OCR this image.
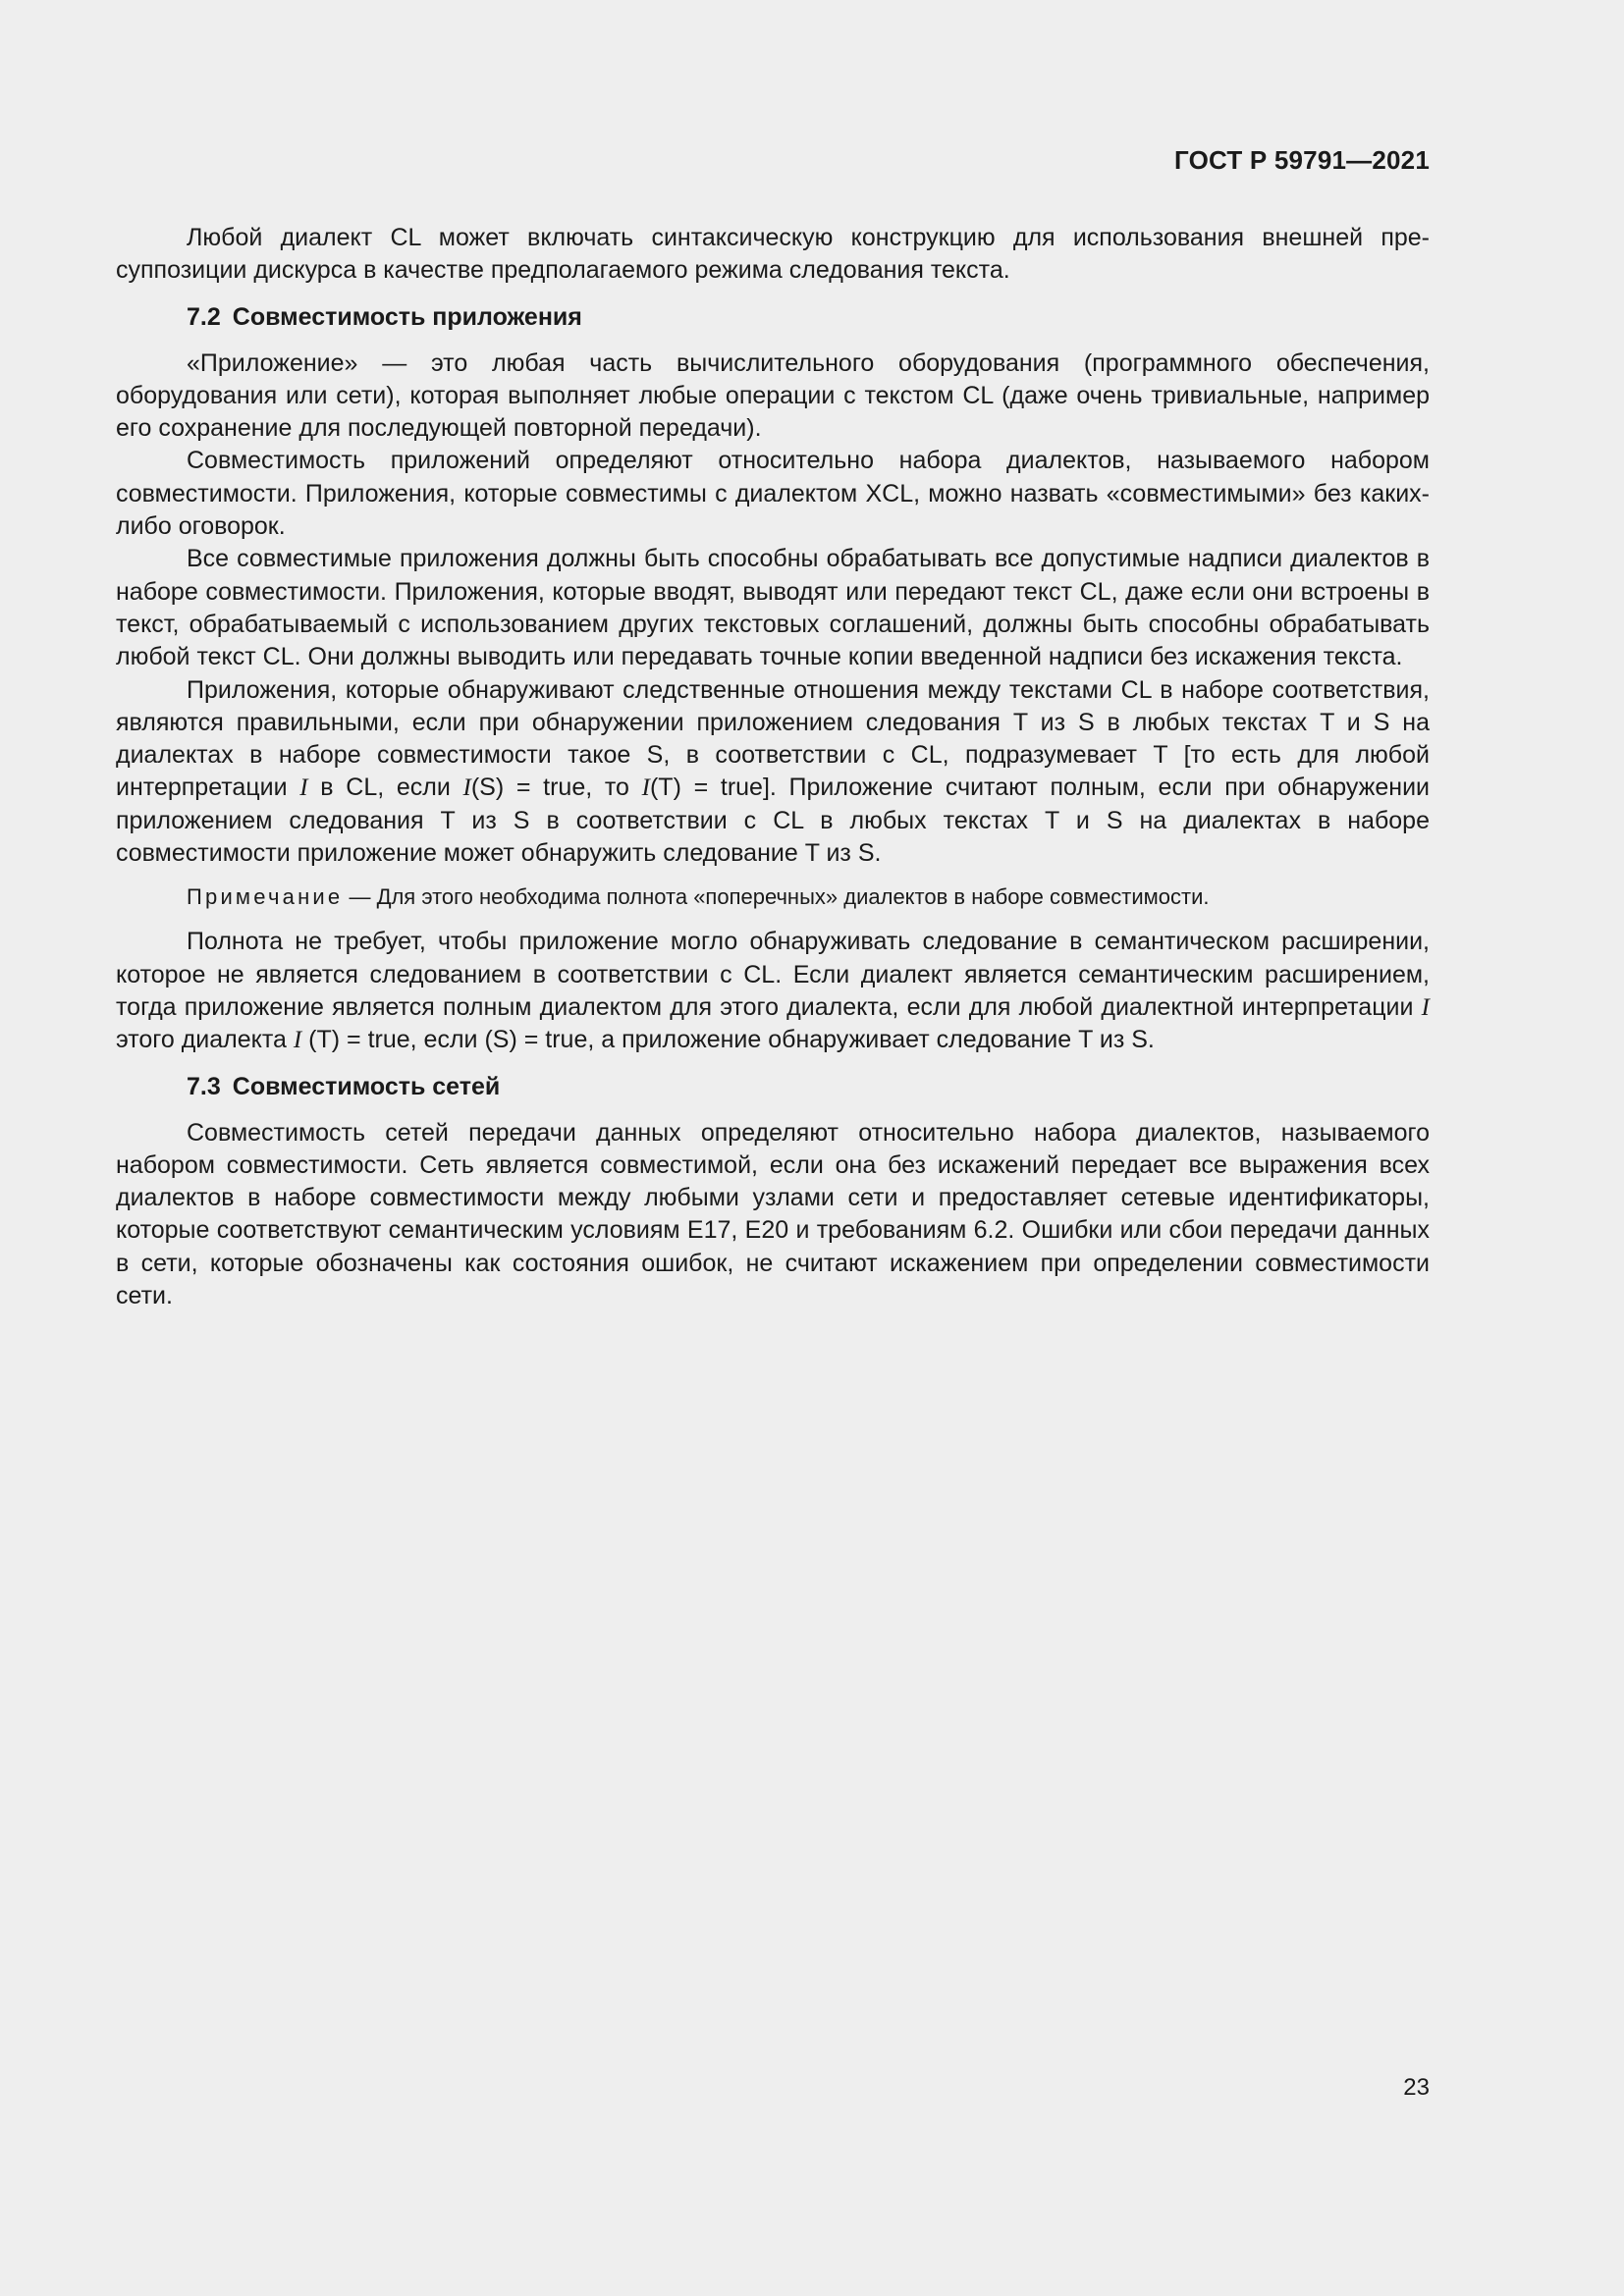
ГОСТ Р 59791—2021

Любой диалект CL может включать синтаксическую конструкцию для использования внешней пресуппозиции дискурса в качестве предполагаемого режима следования текста.

7.2 Совместимость приложения

«Приложение» — это любая часть вычислительного оборудования (программного обеспечения, оборудования или сети), которая выполняет любые операции с текстом CL (даже очень тривиальные, например его сохранение для последующей повторной передачи).

Совместимость приложений определяют относительно набора диалектов, называемого набором совместимости. Приложения, которые совместимы с диалектом XCL, можно назвать «совместимыми» без каких-либо оговорок.

Все совместимые приложения должны быть способны обрабатывать все допустимые надписи диалектов в наборе совместимости. Приложения, которые вводят, выводят или передают текст CL, даже если они встроены в текст, обрабатываемый с использованием других текстовых соглашений, должны быть способны обрабатывать любой текст CL. Они должны выводить или передавать точные копии введенной надписи без искажения текста.

Приложения, которые обнаруживают следственные отношения между текстами CL в наборе соответствия, являются правильными, если при обнаружении приложением следования T из S в любых текстах T и S на диалектах в наборе совместимости такое S, в соответствии с CL, подразумевает T [то есть для любой интерпретации I в CL, если I(S) = true, то I(T) = true]. Приложение считают полным, если при обнаружении приложением следования T из S в соответствии с CL в любых текстах T и S на диалектах в наборе совместимости приложение может обнаружить следование T из S.

Примечание — Для этого необходима полнота «поперечных» диалектов в наборе совместимости.

Полнота не требует, чтобы приложение могло обнаруживать следование в семантическом расширении, которое не является следованием в соответствии с CL. Если диалект является семантическим расширением, тогда приложение является полным диалектом для этого диалекта, если для любой диалектной интерпретации I этого диалекта I (T) = true, если (S) = true, а приложение обнаруживает следование T из S.

7.3 Совместимость сетей

Совместимость сетей передачи данных определяют относительно набора диалектов, называемого набором совместимости. Сеть является совместимой, если она без искажений передает все выражения всех диалектов в наборе совместимости между любыми узлами сети и предоставляет сетевые идентификаторы, которые соответствуют семантическим условиям E17, E20 и требованиям 6.2. Ошибки или сбои передачи данных в сети, которые обозначены как состояния ошибок, не считают искажением при определении совместимости сети.

23
